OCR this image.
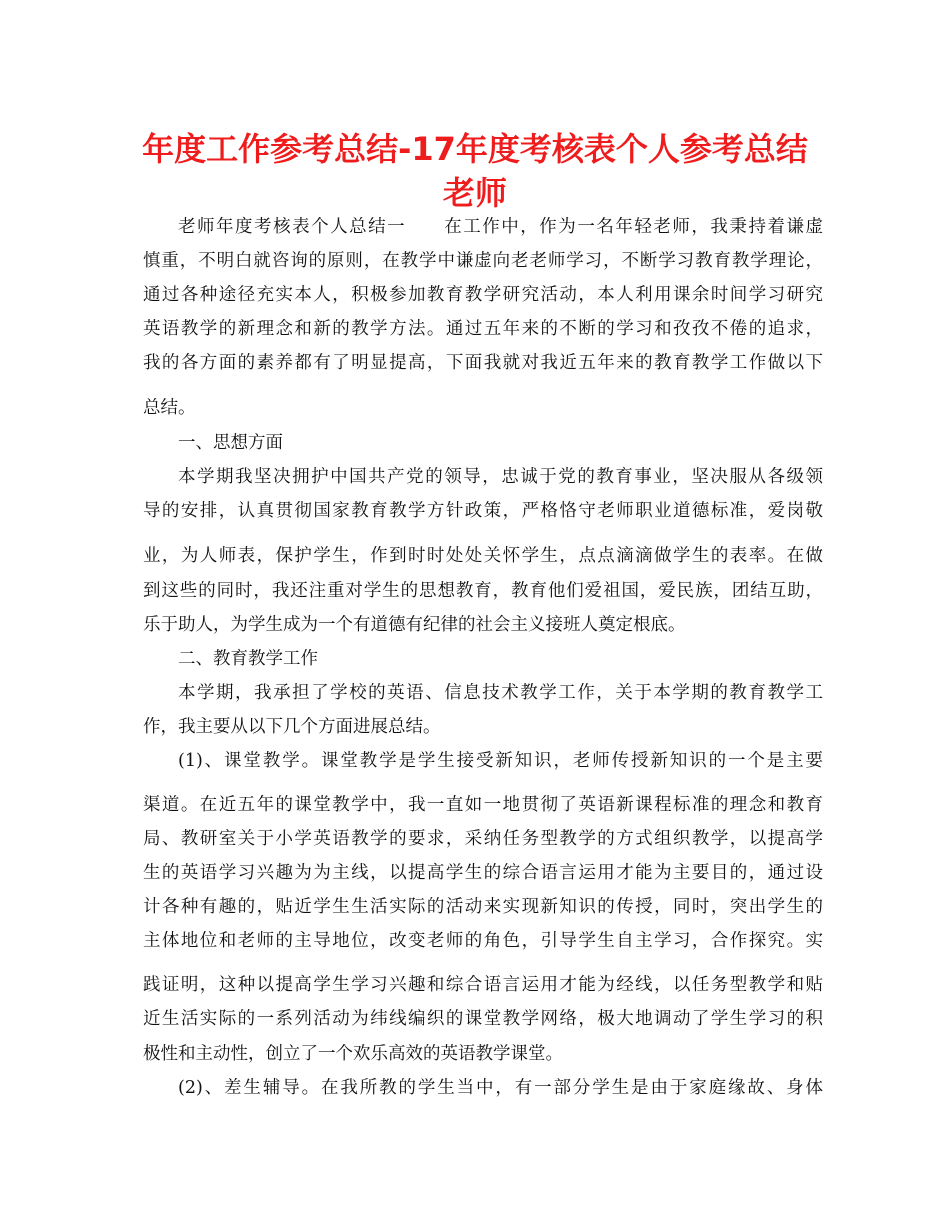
年度工作参考总结-17年度考核表个人参考总结
老师

老师年度考核表个人总结一　　在工作中，作为一名年轻老师，我秉持着谦虚

慎重，不明白就咨询的原则，在教学中谦虚向老老师学习，不断学习教育教学理论，

通过各种途径充实本人，积极参加教育教学研究活动，本人利用课余时间学习研究

英语教学的新理念和新的教学方法。通过五年来的不断的学习和孜孜不倦的追求，

我的各方面的素养都有了明显提高，下面我就对我近五年来的教育教学工作做以下

总结。

一、思想方面

本学期我坚决拥护中国共产党的领导，忠诚于党的教育事业，坚决服从各级领

导的安排，认真贯彻国家教育教学方针政策，严格恪守老师职业道德标准，爱岗敬

业，为人师表，保护学生，作到时时处处关怀学生，点点滴滴做学生的表率。在做

到这些的同时，我还注重对学生的思想教育，教育他们爱祖国，爱民族，团结互助，

乐于助人，为学生成为一个有道德有纪律的社会主义接班人奠定根底。

二、教育教学工作

本学期，我承担了学校的英语、信息技术教学工作，关于本学期的教育教学工

作，我主要从以下几个方面进展总结。

(1)、课堂教学。课堂教学是学生接受新知识，老师传授新知识的一个是主要

渠道。在近五年的课堂教学中，我一直如一地贯彻了英语新课程标准的理念和教育

局、教研室关于小学英语教学的要求，采纳任务型教学的方式组织教学，以提高学

生的英语学习兴趣为为主线，以提高学生的综合语言运用才能为主要目的，通过设

计各种有趣的，贴近学生生活实际的活动来实现新知识的传授，同时，突出学生的

主体地位和老师的主导地位，改变老师的角色，引导学生自主学习，合作探究。实

践证明，这种以提高学生学习兴趣和综合语言运用才能为经线，以任务型教学和贴

近生活实际的一系列活动为纬线编织的课堂教学网络，极大地调动了学生学习的积

极性和主动性，创立了一个欢乐高效的英语教学课堂。

(2)、差生辅导。在我所教的学生当中，有一部分学生是由于家庭缘故、身体
